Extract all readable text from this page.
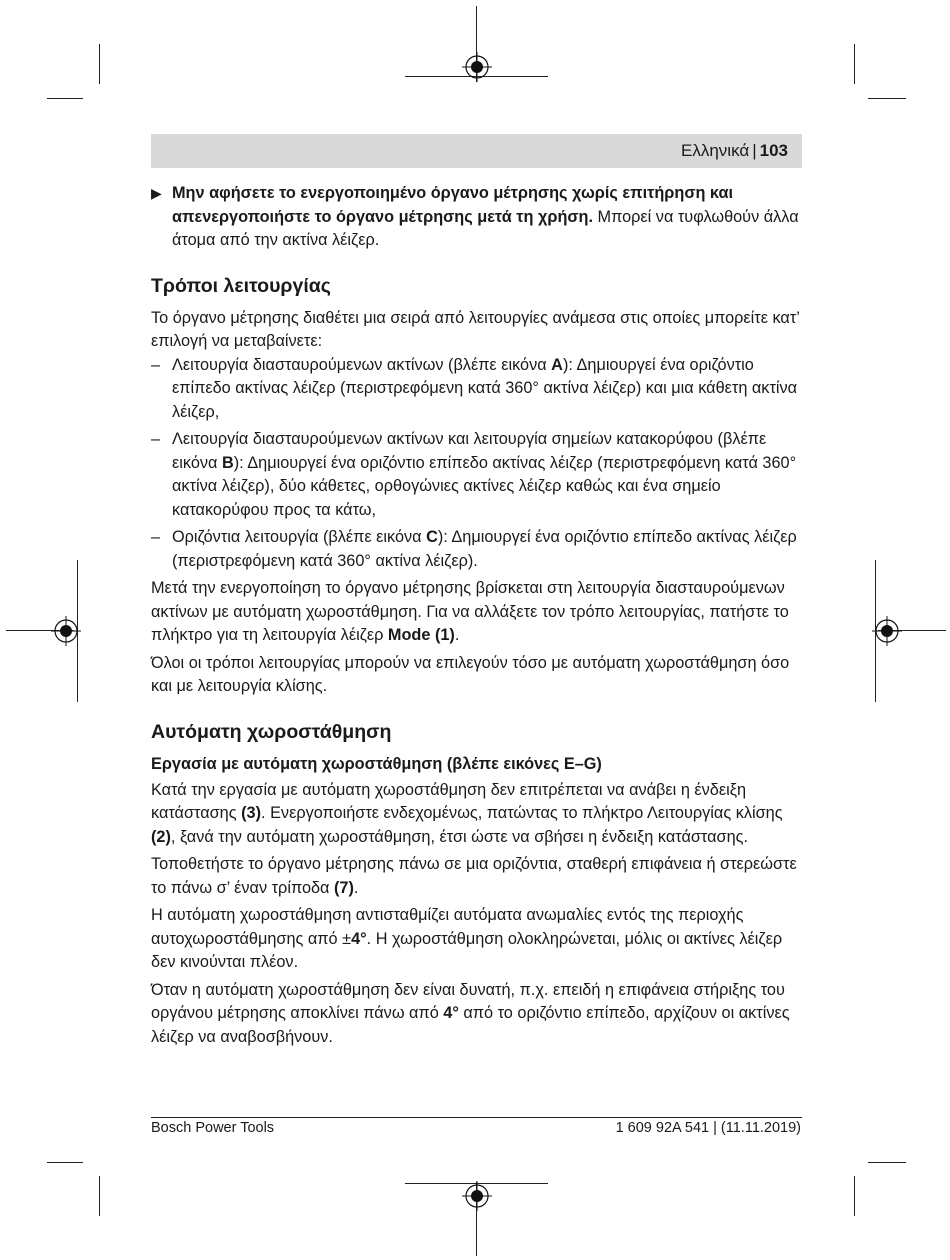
Ελληνικά | 103

▶ Μην αφήσετε το ενεργοποιημένο όργανο μέτρησης χωρίς επιτήρηση και απενεργοποιήστε το όργανο μέτρησης μετά τη χρήση. Μπορεί να τυφλωθούν άλλα άτομα από την ακτίνα λέιζερ.

Τρόποι λειτουργίας

Το όργανο μέτρησης διαθέτει μια σειρά από λειτουργίες ανάμεσα στις οποίες μπορείτε κατ’ επιλογή να μεταβαίνετε:

– Λειτουργία διασταυρούμενων ακτίνων (βλέπε εικόνα A): Δημιουργεί ένα οριζόντιο επίπεδο ακτίνας λέιζερ (περιστρεφόμενη κατά 360° ακτίνα λέιζερ) και μια κάθετη ακτίνα λέιζερ,
– Λειτουργία διασταυρούμενων ακτίνων και λειτουργία σημείων κατακορύφου (βλέπε εικόνα B): Δημιουργεί ένα οριζόντιο επίπεδο ακτίνας λέιζερ (περιστρεφόμενη κατά 360° ακτίνα λέιζερ), δύο κάθετες, ορθογώνιες ακτίνες λέιζερ καθώς και ένα σημείο κατακορύφου προς τα κάτω,
– Οριζόντια λειτουργία (βλέπε εικόνα C): Δημιουργεί ένα οριζόντιο επίπεδο ακτίνας λέιζερ (περιστρεφόμενη κατά 360° ακτίνα λέιζερ).

Μετά την ενεργοποίηση το όργανο μέτρησης βρίσκεται στη λειτουργία διασταυρούμενων ακτίνων με αυτόματη χωροστάθμηση. Για να αλλάξετε τον τρόπο λειτουργίας, πατήστε το πλήκτρο για τη λειτουργία λέιζερ Mode (1).

Όλοι οι τρόποι λειτουργίας μπορούν να επιλεγούν τόσο με αυτόματη χωροστάθμηση όσο και με λειτουργία κλίσης.

Αυτόματη χωροστάθμηση
Εργασία με αυτόματη χωροστάθμηση (βλέπε εικόνες E–G)

Κατά την εργασία με αυτόματη χωροστάθμηση δεν επιτρέπεται να ανάβει η ένδειξη κατάστασης (3). Ενεργοποιήστε ενδεχομένως, πατώντας το πλήκτρο Λειτουργίας κλίσης (2), ξανά την αυτόματη χωροστάθμηση, έτσι ώστε να σβήσει η ένδειξη κατάστασης.

Τοποθετήστε το όργανο μέτρησης πάνω σε μια οριζόντια, σταθερή επιφάνεια ή στερεώστε το πάνω σ’ έναν τρίποδα (7).

Η αυτόματη χωροστάθμηση αντισταθμίζει αυτόματα ανωμαλίες εντός της περιοχής αυτοχωροστάθμησης από ±4°. Η χωροστάθμηση ολοκληρώνεται, μόλις οι ακτίνες λέιζερ δεν κινούνται πλέον.

Όταν η αυτόματη χωροστάθμηση δεν είναι δυνατή, π.χ. επειδή η επιφάνεια στήριξης του οργάνου μέτρησης αποκλίνει πάνω από 4° από το οριζόντιο επίπεδο, αρχίζουν οι ακτίνες λέιζερ να αναβοσβήνουν.

Bosch Power Tools	1 609 92A 541 | (11.11.2019)
